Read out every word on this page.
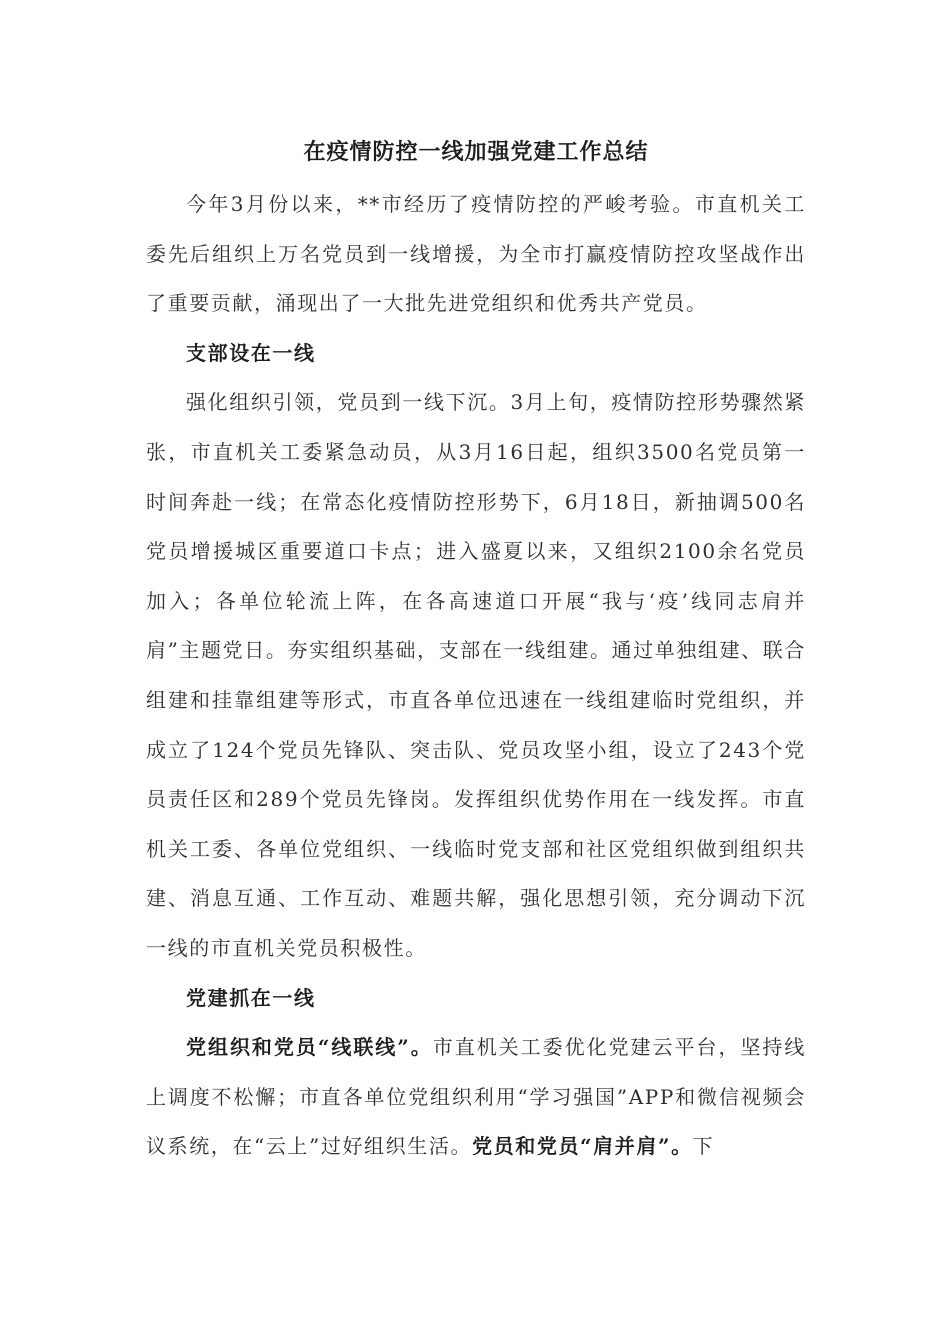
在疫情防控一线加强党建工作总结

今年3月份以来，**市经历了疫情防控的严峻考验。市直机关工委先后组织上万名党员到一线增援，为全市打赢疫情防控攻坚战作出了重要贡献，涌现出了一大批先进党组织和优秀共产党员。

支部设在一线

强化组织引领，党员到一线下沉。3月上旬，疫情防控形势骤然紧张，市直机关工委紧急动员，从3月16日起，组织3500名党员第一时间奔赴一线；在常态化疫情防控形势下，6月18日，新抽调500名党员增援城区重要道口卡点；进入盛夏以来，又组织2100余名党员加入；各单位轮流上阵，在各高速道口开展“我与‘疫’线同志肩并肩”主题党日。夯实组织基础，支部在一线组建。通过单独组建、联合组建和挂靠组建等形式，市直各单位迅速在一线组建临时党组织，并成立了124个党员先锋队、突击队、党员攻坚小组，设立了243个党员责任区和289个党员先锋岗。发挥组织优势作用在一线发挥。市直机关工委、各单位党组织、一线临时党支部和社区党组织做到组织共建、消息互通、工作互动、难题共解，强化思想引领，充分调动下沉一线的市直机关党员积极性。

党建抓在一线

党组织和党员“线联线”。市直机关工委优化党建云平台，坚持线上调度不松懈；市直各单位党组织利用“学习强国”APP和微信视频会议系统，在“云上”过好组织生活。党员和党员“肩并肩”。下
